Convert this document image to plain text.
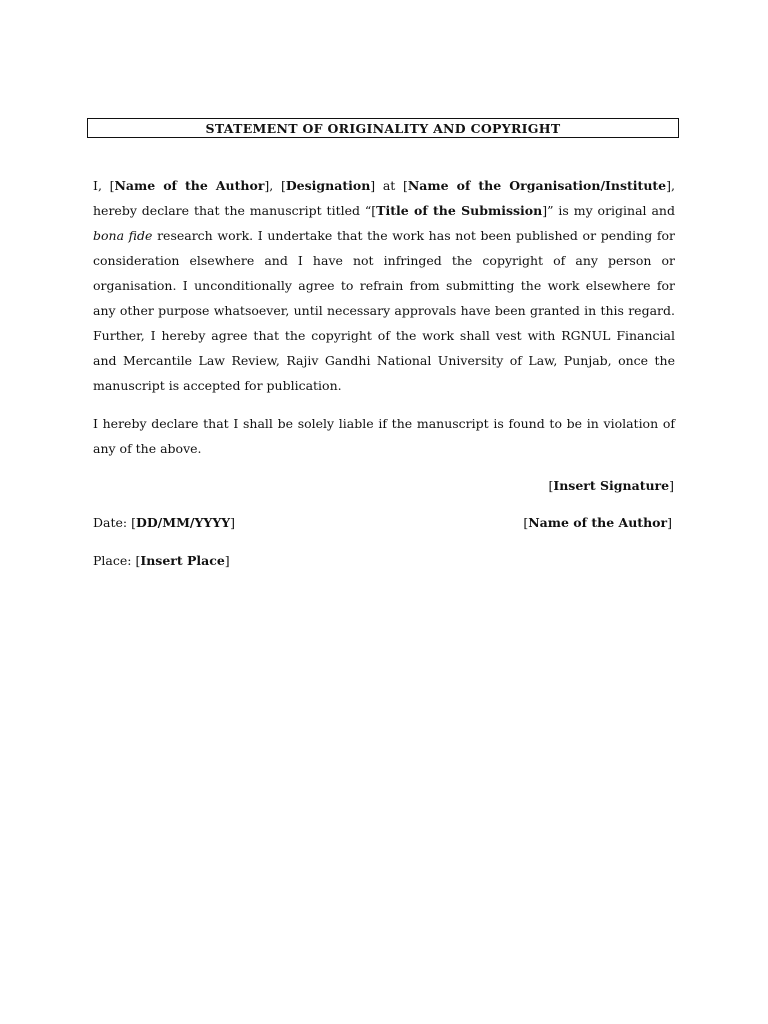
STATEMENT OF ORIGINALITY AND COPYRIGHT

I, [Name of the Author], [Designation] at [Name of the Organisation/Institute], hereby declare that the manuscript titled “[Title of the Submission]” is my original and bona fide research work. I undertake that the work has not been published or pending for consideration elsewhere and I have not infringed the copyright of any person or organisation. I unconditionally agree to refrain from submitting the work elsewhere for any other purpose whatsoever, until necessary approvals have been granted in this regard. Further, I hereby agree that the copyright of the work shall vest with RGNUL Financial and Mercantile Law Review, Rajiv Gandhi National University of Law, Punjab, once the manuscript is accepted for publication.

I hereby declare that I shall be solely liable if the manuscript is found to be in violation of any of the above.

[Insert Signature]
Date: [DD/MM/YYYY]	[Name of the Author]
Place: [Insert Place]
